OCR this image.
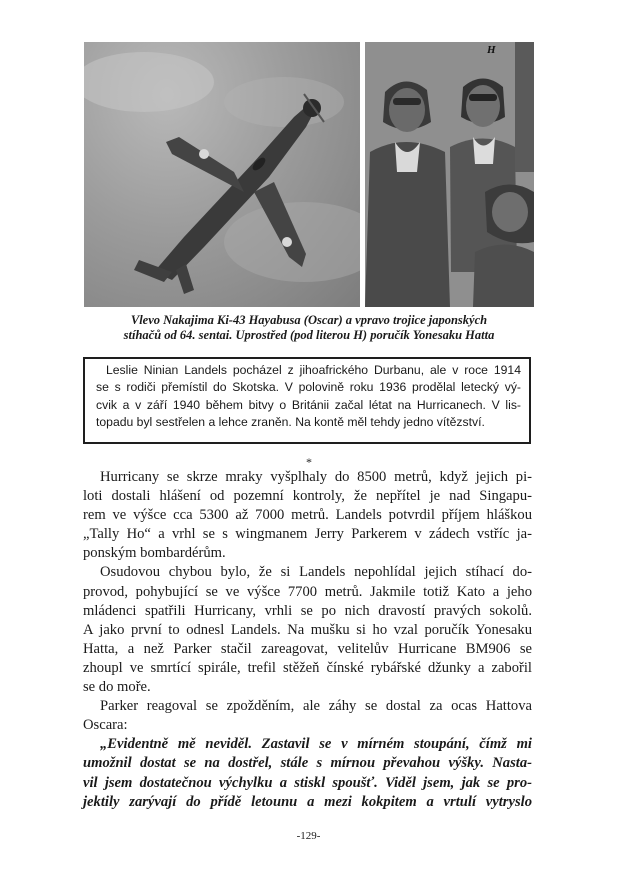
H
Vlevo Nakajima Ki-43 Hayabusa (Oscar) a vpravo trojice japonských
stíhačů od 64. sentai. Uprostřed (pod literou H) poručík Yonesaku Hatta
Leslie Ninian Landels pocházel z jihoafrického Durbanu, ale v roce 1914
se s rodiči přemístil do Skotska. V polovině roku 1936 prodělal letecký vý-
cvik a v září 1940 během bitvy o Británii začal létat na Hurricanech. V lis-
topadu byl sestřelen a lehce zraněn. Na kontě měl tehdy jedno vítězství.
*
Hurricany se skrze mraky vyšplhaly do 8500 metrů, když jejich pi-
loti dostali hlášení od pozemní kontroly, že nepřítel je nad Singapu-
rem ve výšce cca 5300 až 7000 metrů. Landels potvrdil příjem hláškou
„Tally Ho“ a vrhl se s wingmanem Jerry Parkerem v zádech vstříc ja-
ponským bombardérům.
Osudovou chybou bylo, že si Landels nepohlídal jejich stíhací do-
provod, pohybující se ve výšce 7700 metrů. Jakmile totiž Kato a jeho
mládenci spatřili Hurricany, vrhli se po nich dravostí pravých sokolů.
A jako první to odnesl Landels. Na mušku si ho vzal poručík Yonesaku
Hatta, a než Parker stačil zareagovat, velitelův Hurricane BM906 se
zhoupl ve smrtící spirále, trefil stěžeň čínské rybářské džunky a zabořil
se do moře.
Parker reagoval se zpožděním, ale záhy se dostal za ocas Hattova
Oscara:
„Evidentně mě neviděl. Zastavil se v mírném stoupání, čímž mi
umožnil dostat se na dostřel, stále s mírnou převahou výšky. Nasta-
vil jsem dostatečnou výchylku a stiskl spoušť. Viděl jsem, jak se pro-
jektily zarývají do přídě letounu a mezi kokpitem a vrtulí vytryslo
-129-
